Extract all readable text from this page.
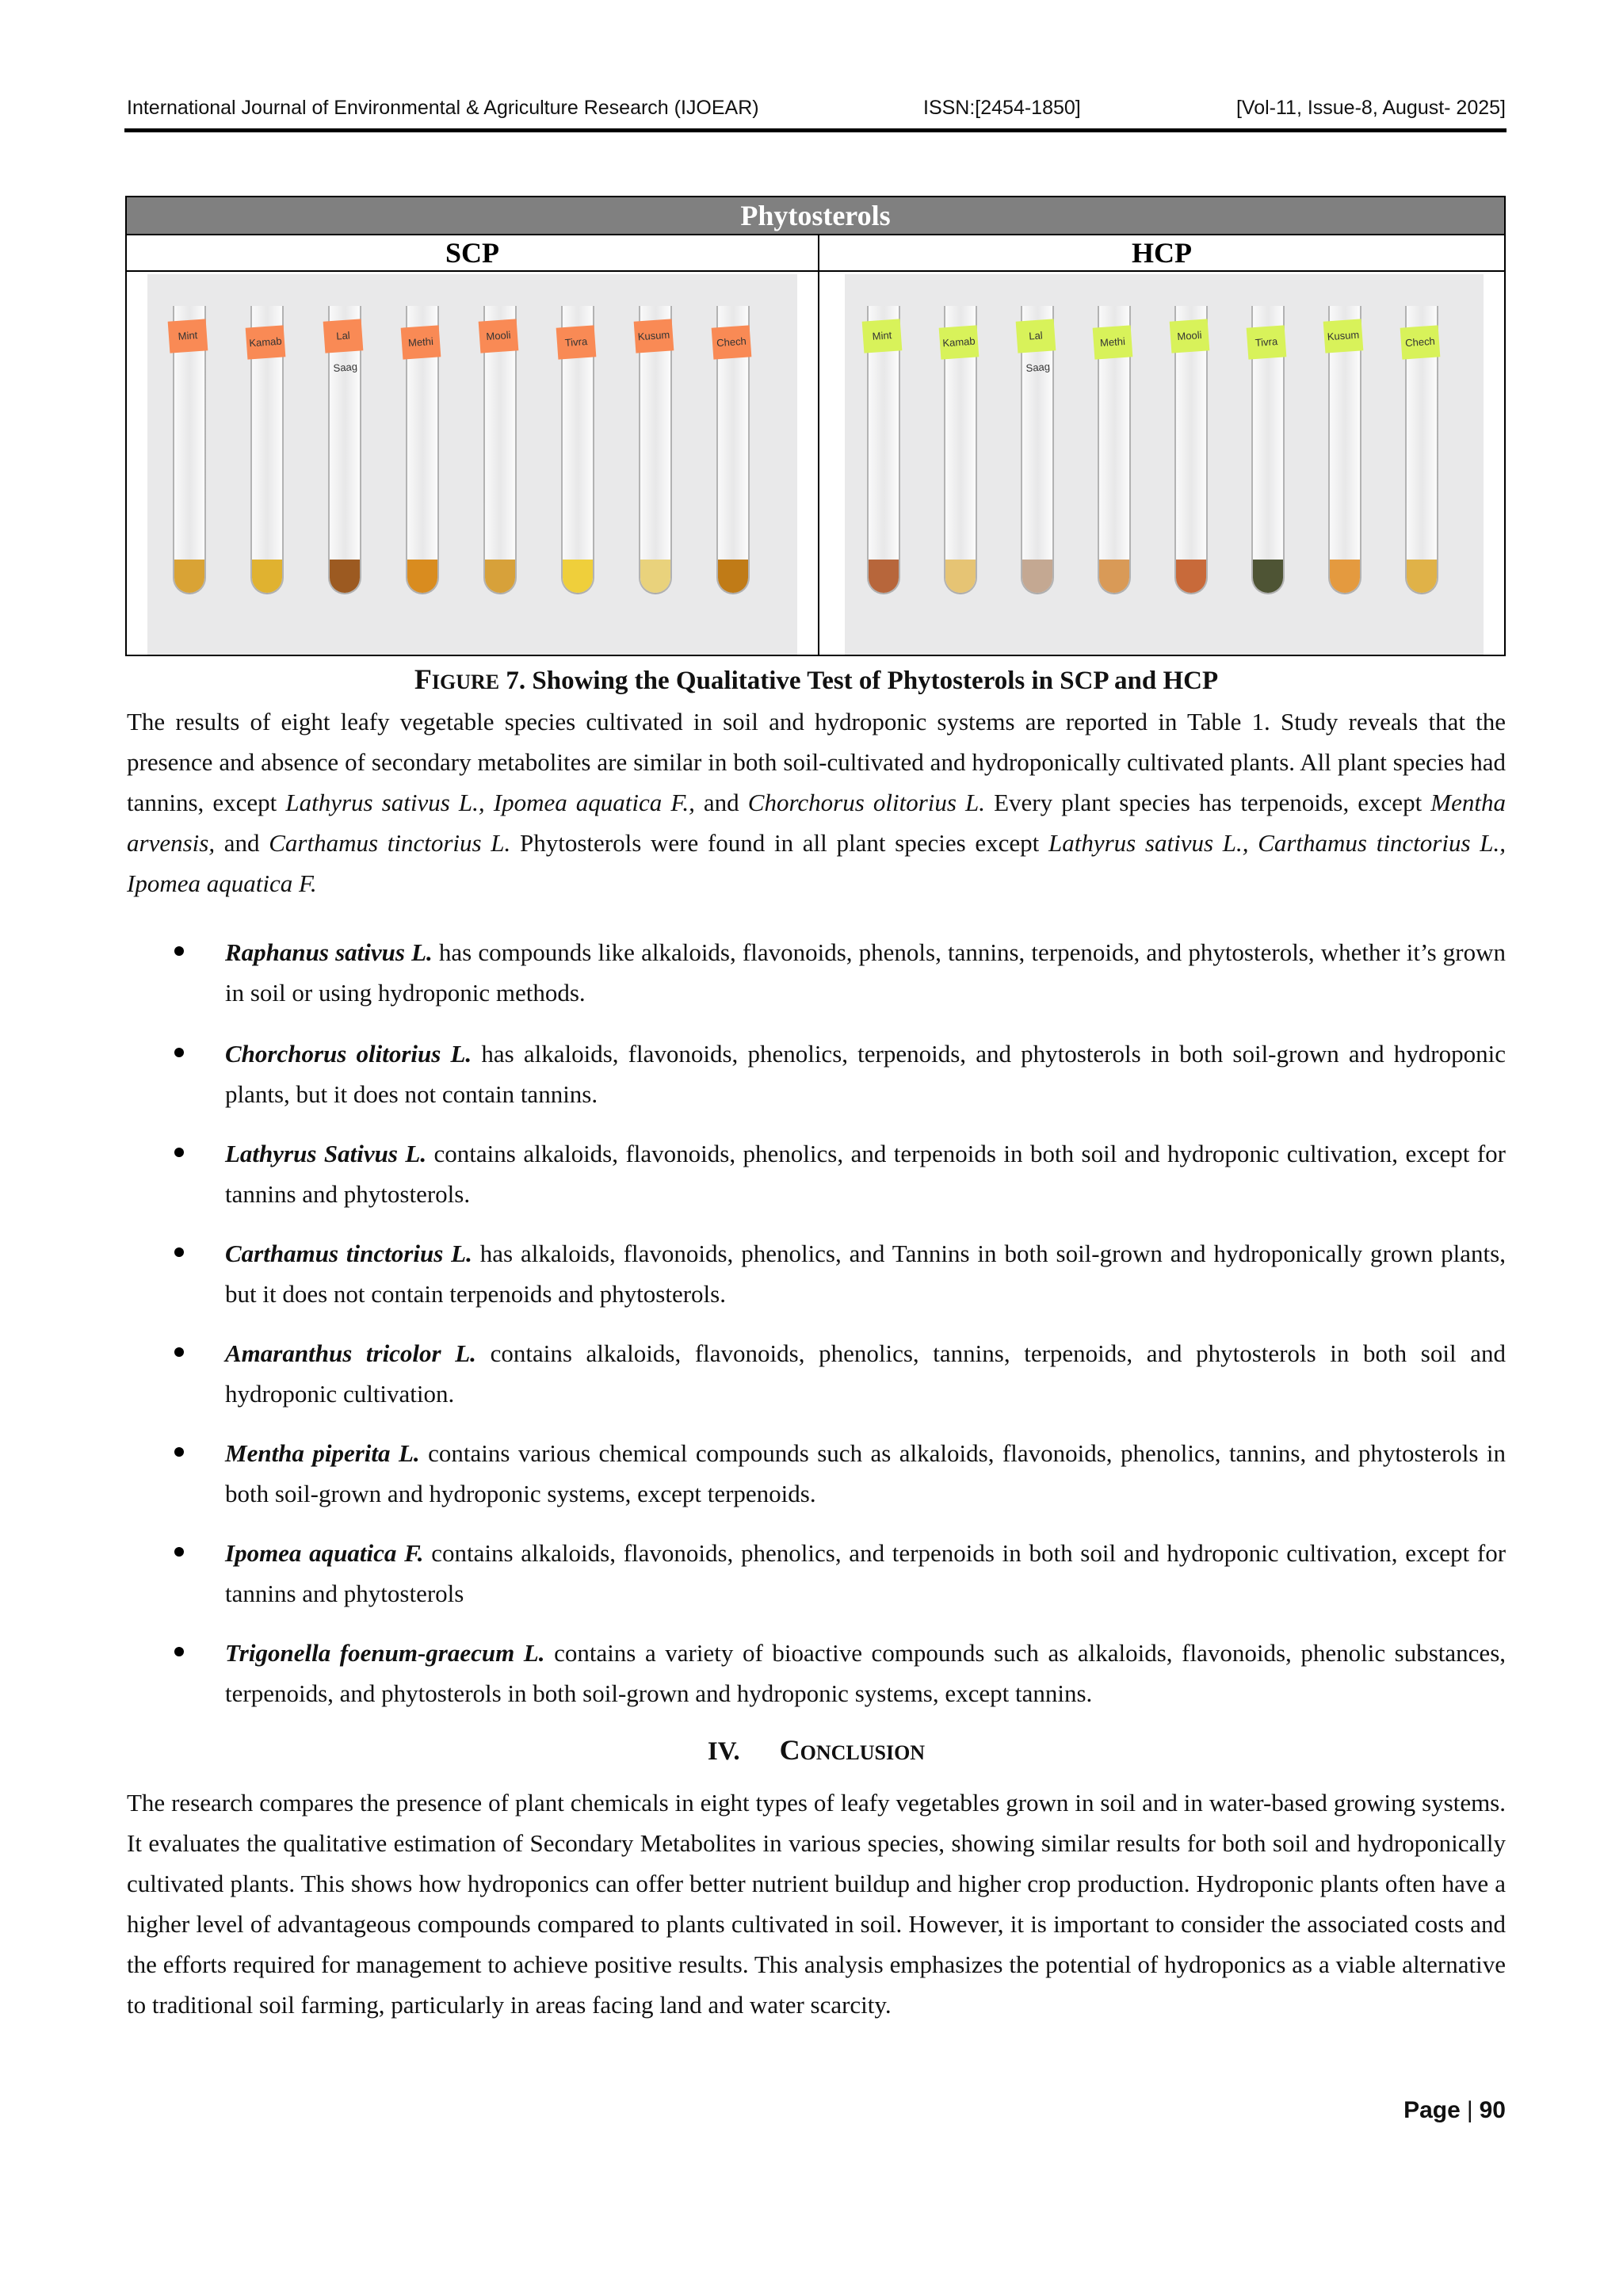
International Journal of Environmental & Agriculture Research (IJOEAR)	ISSN:[2454-1850]	[Vol-11, Issue-8, August- 2025]
Phytosterols
SCP	HCP
Mint	Kamab	Lal Saag
Methi	Mooli	Tivra	Kusum	Chech	Mint	Kamab	Lal Saag
Methi	Mooli	Tivra	Kusum	Chech
FIGURE 7. Showing the Qualitative Test of Phytosterols in SCP and HCP
The results of eight leafy vegetable species cultivated in soil and hydroponic systems are reported in Table 1. Study reveals that the presence and absence of secondary metabolites are similar in both soil-cultivated and hydroponically cultivated plants. All plant species had tannins, except Lathyrus sativus L., Ipomea aquatica F., and Chorchorus olitorius L. Every plant species has terpenoids, except Mentha arvensis, and Carthamus tinctorius L. Phytosterols were found in all plant species except Lathyrus sativus L., Carthamus tinctorius L., Ipomea aquatica F.
Raphanus sativus L. has compounds like alkaloids, flavonoids, phenols, tannins, terpenoids, and phytosterols, whether it’s grown in soil or using hydroponic methods.
Chorchorus olitorius L. has alkaloids, flavonoids, phenolics, terpenoids, and phytosterols in both soil-grown and hydroponic plants, but it does not contain tannins.
Lathyrus Sativus L. contains alkaloids, flavonoids, phenolics, and terpenoids in both soil and hydroponic cultivation, except for tannins and phytosterols.
Carthamus tinctorius L. has alkaloids, flavonoids, phenolics, and Tannins in both soil-grown and hydroponically grown plants, but it does not contain terpenoids and phytosterols.
Amaranthus tricolor L. contains alkaloids, flavonoids, phenolics, tannins, terpenoids, and phytosterols in both soil and hydroponic cultivation.
Mentha piperita L. contains various chemical compounds such as alkaloids, flavonoids, phenolics, tannins, and phytosterols in both soil-grown and hydroponic systems, except terpenoids.
Ipomea aquatica F. contains alkaloids, flavonoids, phenolics, and terpenoids in both soil and hydroponic cultivation, except for tannins and phytosterols
Trigonella foenum-graecum L. contains a variety of bioactive compounds such as alkaloids, flavonoids, phenolic substances, terpenoids, and phytosterols in both soil-grown and hydroponic systems, except tannins.
IV. CONCLUSION
The research compares the presence of plant chemicals in eight types of leafy vegetables grown in soil and in water-based growing systems. It evaluates the qualitative estimation of Secondary Metabolites in various species, showing similar results for both soil and hydroponically cultivated plants. This shows how hydroponics can offer better nutrient buildup and higher crop production. Hydroponic plants often have a higher level of advantageous compounds compared to plants cultivated in soil. However, it is important to consider the associated costs and the efforts required for management to achieve positive results. This analysis emphasizes the potential of hydroponics as a viable alternative to traditional soil farming, particularly in areas facing land and water scarcity.
Page | 90
